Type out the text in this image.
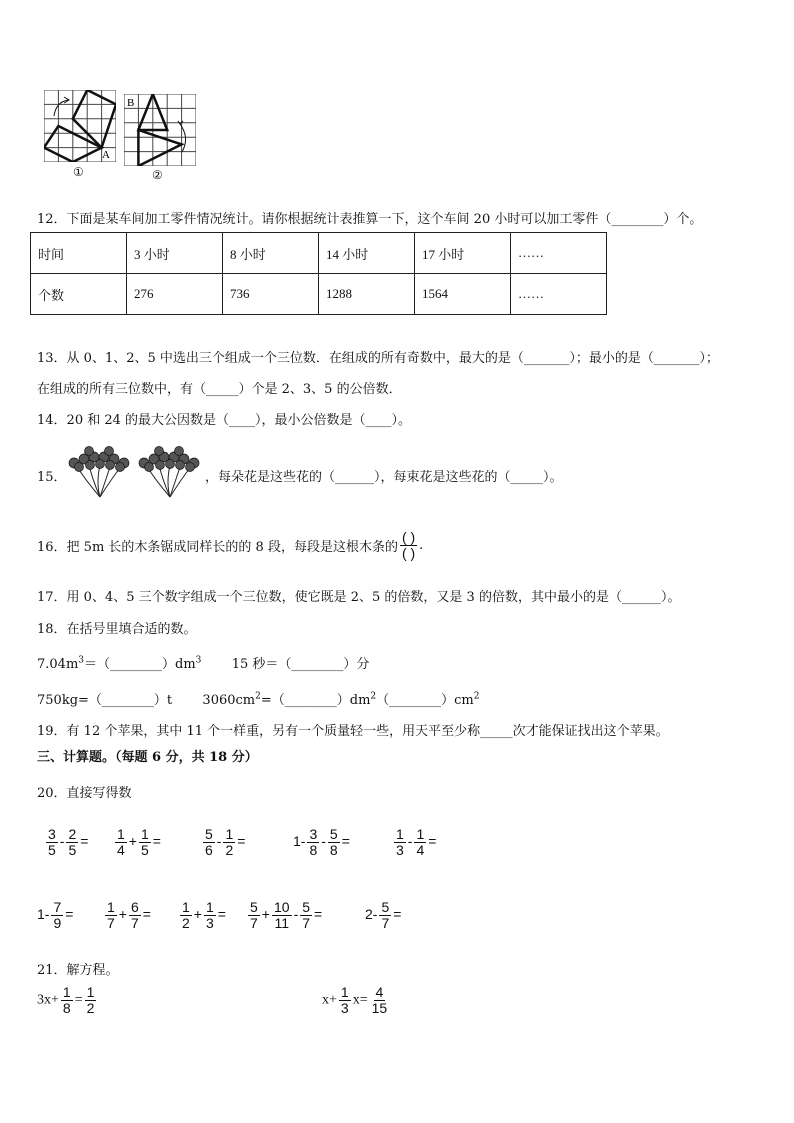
A
①
B
②
12．下面是某车间加工零件情况统计。请你根据统计表推算一下，这个车间 20 小时可以加工零件（________）个。
时间	3 小时	8 小时	14 小时	17 小时	……
个数	276	736	1288	1564	……
13．从 0、1、2、5 中选出三个组成一个三位数．在组成的所有奇数中，最大的是（_______）；最小的是（_______）；
在组成的所有三位数中，有（_____）个是 2、3、5 的公倍数．
14．20 和 24 的最大公因数是（____），最小公倍数是（____）。
15．	，每朵花是这些花的（______），每束花是这些花的（_____）。
16．把 5m 长的木条锯成同样长的的 8 段，每段是这根木条的 $\frac{( )}{( )}$ .
17．用 0、4、5 三个数字组成一个三位数，使它既是 2、5 的倍数，又是 3 的倍数，其中最小的是（______）。
18．在括号里填合适的数。
$7.04m^3=(\_\_\_\_\_\_\_\_)dm^3$ 15 秒＝（________）分
750kg=（________）t $3060cm^2=(\_\_\_\_\_\_\_\_)dm^2(\_\_\_\_\_\_\_\_)cm^2$
19．有 12 个苹果，其中 11 个一样重，另有一个质量轻一些，用天平至少称_____次才能保证找出这个苹果。
三、计算题。（每题 6 分，共 18 分）
20．直接写得数
$\frac{3}{5} - \frac{2}{5} = \frac{1}{4} + \frac{1}{5}$ =	$\frac{5}{6} - \frac{1}{2}$ =	$1- \frac{3}{8} - \frac{5}{8}$ =	$\frac{1}{3} - \frac{1}{4}$ =
$1- \frac{7}{9} = \frac{1}{7} + \frac{6}{7} = \frac{1}{2} + \frac{1}{3} = \frac{5}{7} + \frac{10}{11} - \frac{5}{7}$ =	$2- \frac{5}{7}$ =
21．解方程。
$3x+ \frac{1}{8} = \frac{1}{2}$	$x+ \frac{1}{3} x= \frac{4}{15}$
